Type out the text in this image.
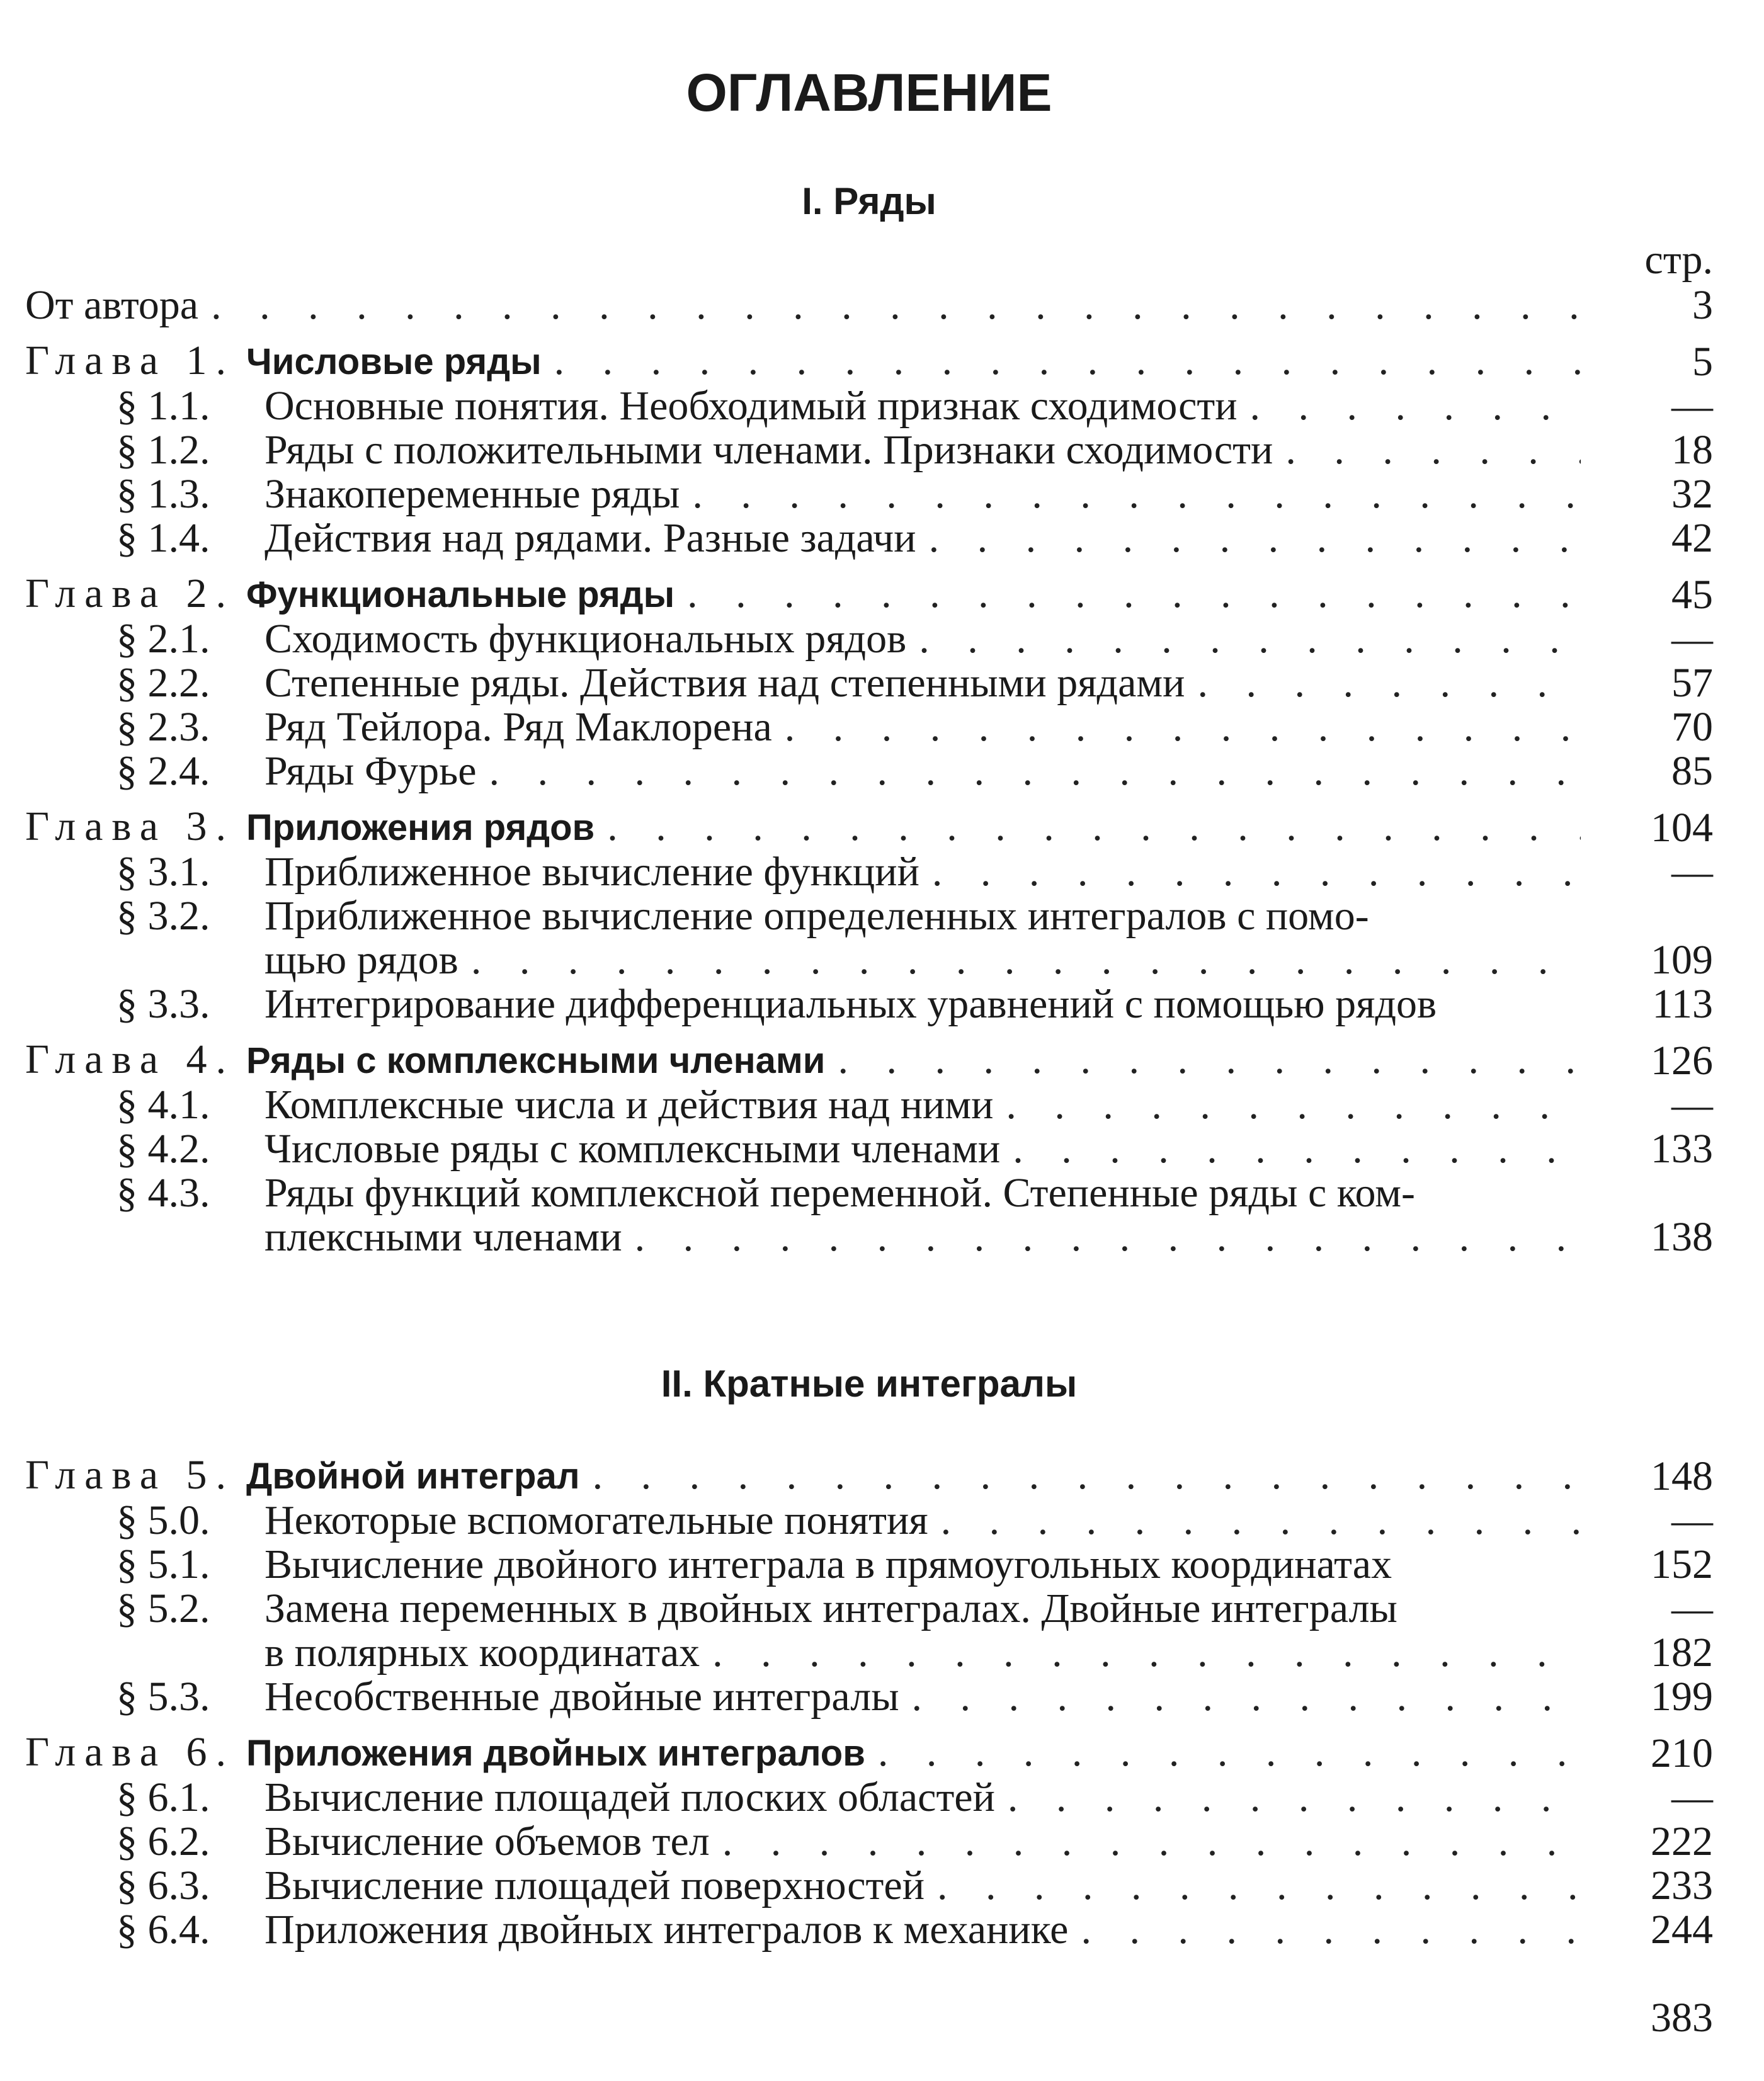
ОГЛАВЛЕНИЕ
I. Ряды
стр.
От автора . . .	3
Глава 1. Числовые ряды . . .	5
§ 1.1.	Основные понятия. Необходимый признак сходимости . . .	—
§ 1.2.	Ряды с положительными членами. Признаки сходимости . . .	18
§ 1.3.	Знакопеременные ряды . . .	32
§ 1.4.	Действия над рядами. Разные задачи . . .	42
Глава 2. Функциональные ряды . . .	45
§ 2.1.	Сходимость функциональных рядов . . .	—
§ 2.2.	Степенные ряды. Действия над степенными рядами . . .	57
§ 2.3.	Ряд Тейлора. Ряд Маклорена . . .	70
§ 2.4.	Ряды Фурье . . .	85
Глава 3. Приложения рядов . . .	104
§ 3.1.	Приближенное вычисление функций . . .	—
§ 3.2.	Приближенное вычисление определенных интегралов с помо-
щью рядов . . .	109
§ 3.3.	Интегрирование дифференциальных уравнений с помощью рядов	113
Глава 4. Ряды с комплексными членами . . .	126
§ 4.1.	Комплексные числа и действия над ними . . .	—
§ 4.2.	Числовые ряды с комплексными членами . . .	133
§ 4.3.	Ряды функций комплексной переменной. Степенные ряды с ком-
плексными членами . . .	138
II. Кратные интегралы
Глава 5. Двойной интеграл . . .	148
§ 5.0.	Некоторые вспомогательные понятия . . .	—
§ 5.1.	Вычисление двойного интеграла в прямоугольных координатах	152
§ 5.2.	Замена переменных в двойных интегралах. Двойные интегралы	—
в полярных координатах . . .	182
§ 5.3.	Несобственные двойные интегралы . . .	199
Глава 6. Приложения двойных интегралов . . .	210
§ 6.1.	Вычисление площадей плоских областей . . .	—
§ 6.2.	Вычисление объемов тел . . .	222
§ 6.3.	Вычисление площадей поверхностей . . .	233
§ 6.4.	Приложения двойных интегралов к механике . . .	244
383
